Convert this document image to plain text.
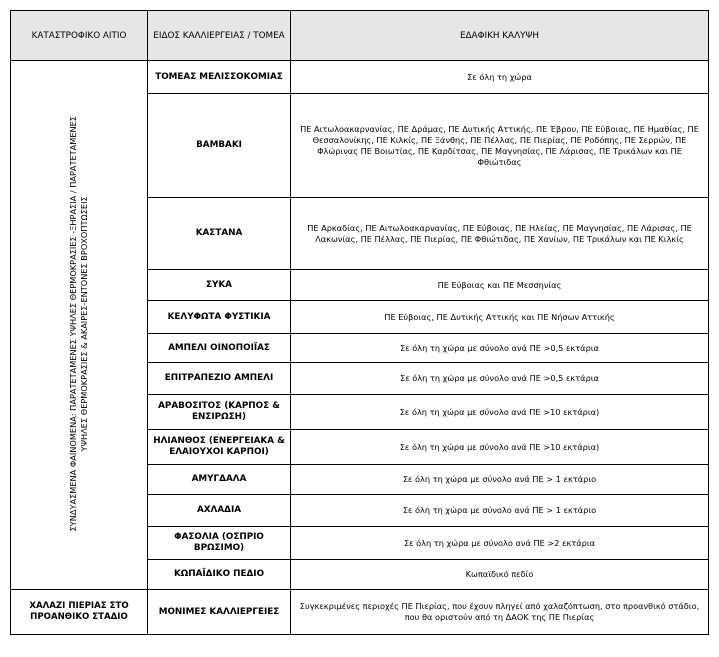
ΚΑΤΑΣΤΡΟΦΙΚΟ ΑΙΤΙΟ	ΕΙΔΟΣ ΚΑΛΛΙΕΡΓΕΙΑΣ / ΤΟΜΕΑ	ΕΔΑΦΙΚΗ ΚΑΛΥΨΗ
ΣΥΝΔΥΑΣΜΕΝΑ ΦΑΙΝΟΜΕΝΑ: ΠΑΡΑΤΕΤΑΜΕΝΕΣ ΥΨΗΛΕΣ ΘΕΡΜΟΚΡΑΣΙΕΣ -ΞΗΡΑΣΙΑ / ΠΑΡΑΤΕΤΑΜΕΝΕΣ
ΥΨΗΛΕΣ ΘΕΡΜΟΚΡΑΣΙΕΣ & ΑΚΑΙΡΕΣ-ΕΝΤΟΝΕΣ ΒΡΟΧΟΠΤΩΣΕΙΣ	ΤΟΜΕΑΣ ΜΕΛΙΣΣΟΚΟΜΙΑΣ	Σε όλη τη χώρα
	ΒΑΜΒΑΚΙ	ΠΕ Αιτωλοακαρνανίας, ΠΕ Δράμας, ΠΕ Δυτικής Αττικής, ΠΕ Έβρου, ΠΕ Εύβοιας, ΠΕ Ημαθίας, ΠΕ Θεσσαλονίκης, ΠΕ Κιλκίς, ΠΕ Ξάνθης, ΠΕ Πέλλας, ΠΕ Πιερίας, ΠΕ Ροδόπης, ΠΕ Σερρών, ΠΕ Φλώρινας ΠΕ Βοιωτίας, ΠΕ Καρδίτσας, ΠΕ Μαγνησίας, ΠΕ Λάρισας, ΠΕ Τρικάλων και ΠΕ Φθιώτιδας
	ΚΑΣΤΑΝΑ	ΠΕ Αρκαδίας, ΠΕ Αιτωλοακαρνανίας, ΠΕ Εύβοιας, ΠΕ Ηλείας, ΠΕ Μαγνησίας, ΠΕ Λάρισας, ΠΕ Λακωνίας, ΠΕ Πέλλας, ΠΕ Πιερίας, ΠΕ Φθιώτιδας, ΠΕ Χανίων, ΠΕ Τρικάλων και ΠΕ Κιλκίς
	ΣΥΚΑ	ΠΕ Εύβοιας και ΠΕ Μεσσηνίας
	ΚΕΛΥΦΩΤΑ ΦΥΣΤΙΚΙΑ	ΠΕ Εύβοιας, ΠΕ Δυτικής Αττικής και ΠΕ Νήσων Αττικής
	ΑΜΠΕΛΙ ΟΙΝΟΠΟΙΪΑΣ	Σε όλη τη χώρα με σύνολο ανά ΠΕ >0,5 εκτάρια
	ΕΠΙΤΡΑΠΕΖΙΟ ΑΜΠΕΛΙ	Σε όλη τη χώρα με σύνολο ανά ΠΕ >0,5 εκτάρια
	ΑΡΑΒΟΣΙΤΟΣ (ΚΑΡΠΟΣ & ΕΝΣΙΡΩΣΗ)	Σε όλη τη χώρα με σύνολο ανά ΠΕ >10 εκτάρια)
	ΗΛΙΑΝΘΟΣ (ΕΝΕΡΓΕΙΑΚΑ & ΕΛΑΙΟΥΧΟΙ ΚΑΡΠΟΙ)	Σε όλη τη χώρα με σύνολο ανά ΠΕ >10 εκτάρια)
	ΑΜΥΓΔΑΛΑ	Σε όλη τη χώρα με σύνολο ανά ΠΕ > 1 εκτάριο
	ΑΧΛΑΔΙΑ	Σε όλη τη χώρα με σύνολο ανά ΠΕ > 1 εκτάριο
	ΦΑΣΟΛΙΑ (ΟΣΠΡΙΟ ΒΡΩΣΙΜΟ)	Σε όλη τη χώρα με σύνολο ανά ΠΕ >2 εκτάρια
	ΚΩΠΑΪΔΙΚΟ ΠΕΔΙΟ	Κωπαϊδικό πεδίο
ΧΑΛΑΖΙ ΠΙΕΡΙΑΣ ΣΤΟ ΠΡΟΑΝΘΙΚΟ ΣΤΑΔΙΟ	ΜΟΝΙΜΕΣ ΚΑΛΛΙΕΡΓΕΙΕΣ	Συγκεκριμένες περιοχές ΠΕ Πιερίας, που έχουν πληγεί από χαλαζόπτωση, στο προανθικό στάδιο, που θα οριστούν από τη ΔΑΟΚ της ΠΕ Πιερίας
